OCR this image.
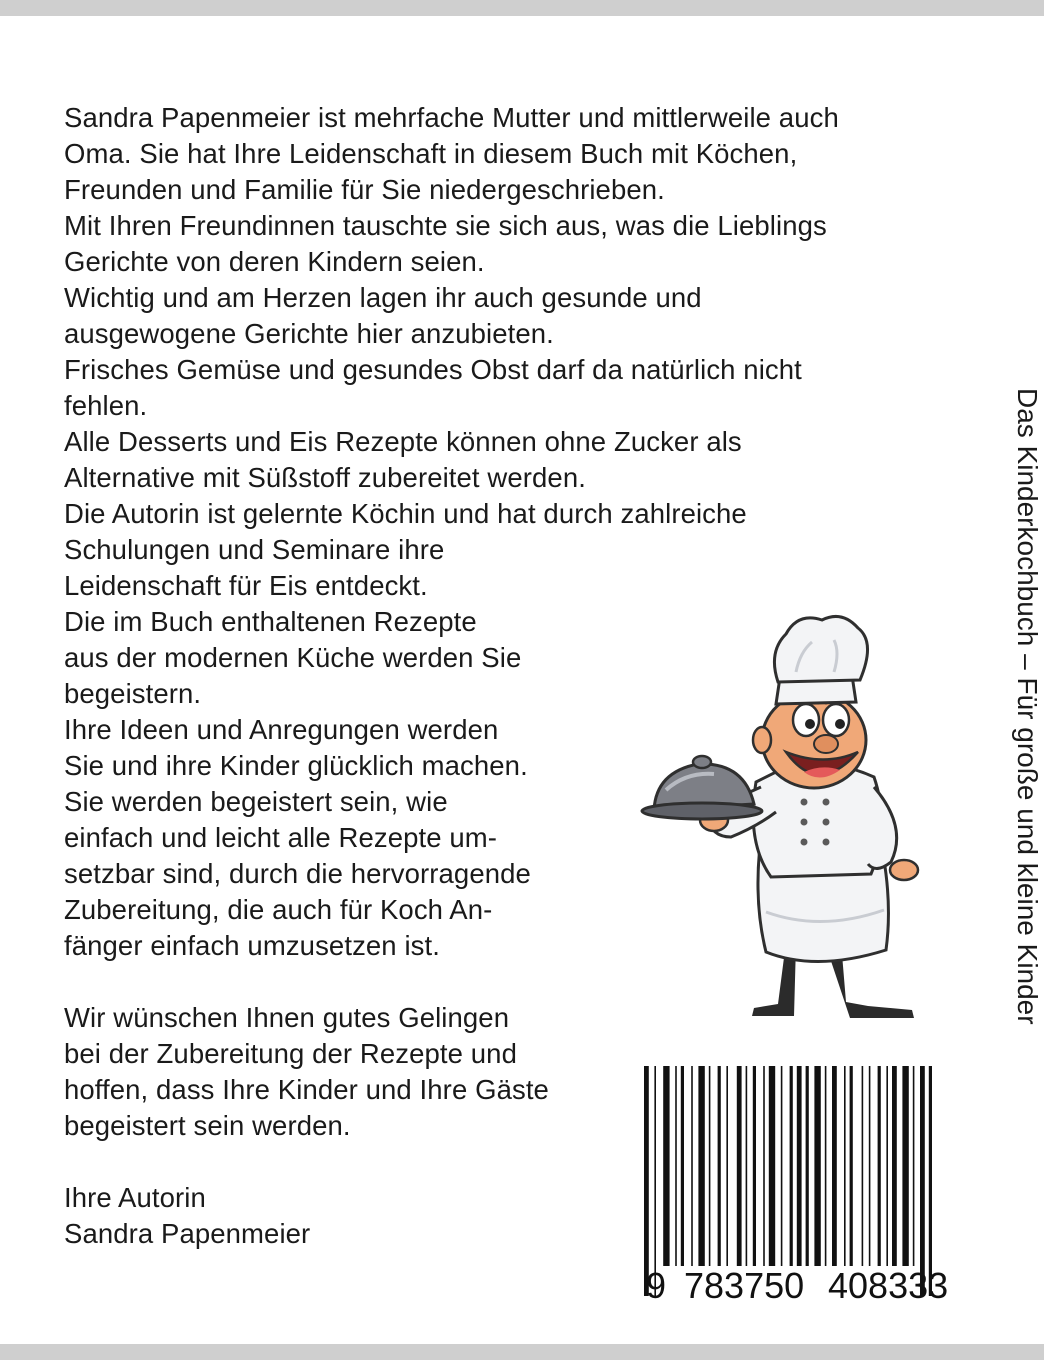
Sandra Papenmeier ist mehrfache Mutter und mittlerweile auch
Oma. Sie hat Ihre Leidenschaft in diesem Buch mit Köchen,
Freunden und Familie für Sie niedergeschrieben.
Mit Ihren Freundinnen tauschte sie sich aus, was die Lieblings
Gerichte von deren Kindern seien.
Wichtig und am Herzen lagen ihr auch gesunde und
ausgewogene Gerichte hier anzubieten.
Frisches Gemüse und gesundes Obst darf da natürlich nicht
fehlen.
Alle Desserts und Eis Rezepte können ohne Zucker als
Alternative mit Süßstoff zubereitet werden.
Die Autorin ist gelernte Köchin und hat durch zahlreiche
Schulungen und Seminare ihre
Leidenschaft für Eis entdeckt.
Die im Buch enthaltenen Rezepte
aus der modernen Küche werden Sie
begeistern.
Ihre Ideen und Anregungen werden
Sie und ihre Kinder glücklich machen.
Sie werden begeistert sein, wie
einfach und leicht alle Rezepte um-
setzbar sind, durch die hervorragende
Zubereitung, die auch für Koch An-
fänger einfach umzusetzen ist.
Wir wünschen Ihnen gutes Gelingen
bei der Zubereitung der Rezepte und
hoffen, dass Ihre Kinder und Ihre Gäste
begeistert sein werden.
Ihre Autorin
Sandra Papenmeier
Das Kinderkochbuch – Für große und kleine Kinder
9 783750 408333
